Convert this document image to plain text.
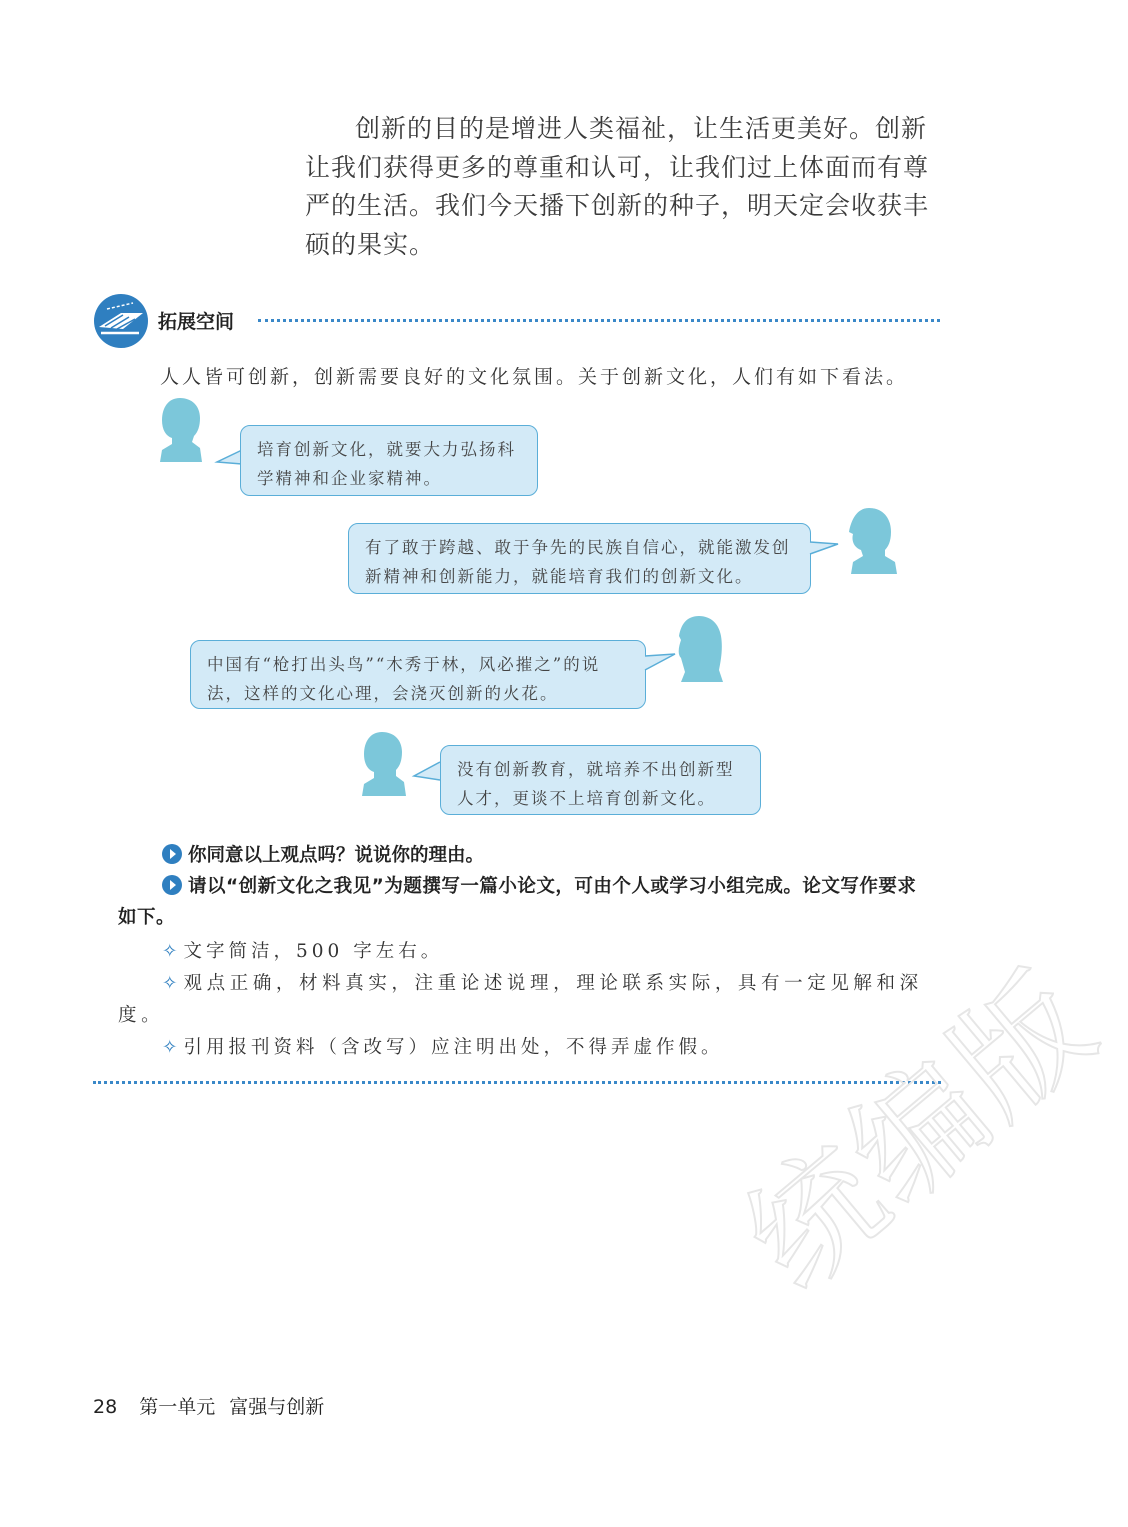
创新的目的是增进人类福祉，让生活更美好。创新让我们获得更多的尊重和认可，让我们过上体面而有尊严的生活。我们今天播下创新的种子，明天定会收获丰硕的果实。

拓展空间

人人皆可创新，创新需要良好的文化氛围。关于创新文化，人们有如下看法。

培育创新文化，就要大力弘扬科学精神和企业家精神。
有了敢于跨越、敢于争先的民族自信心，就能激发创新精神和创新能力，就能培育我们的创新文化。
中国有“枪打出头鸟”“木秀于林，风必摧之”的说法，这样的文化心理，会浇灭创新的火花。
没有创新教育，就培养不出创新型人才，更谈不上培育创新文化。

你同意以上观点吗？说说你的理由。

请以“创新文化之我见”为题撰写一篇小论文，可由个人或学习小组完成。论文写作要求如下。

✧ 文字简洁，500 字左右。

✧ 观点正确，材料真实，注重论述说理，理论联系实际，具有一定见解和深度。

✧ 引用报刊资料（含改写）应注明出处，不得弄虚作假。

统编版
28 第一单元 富强与创新
